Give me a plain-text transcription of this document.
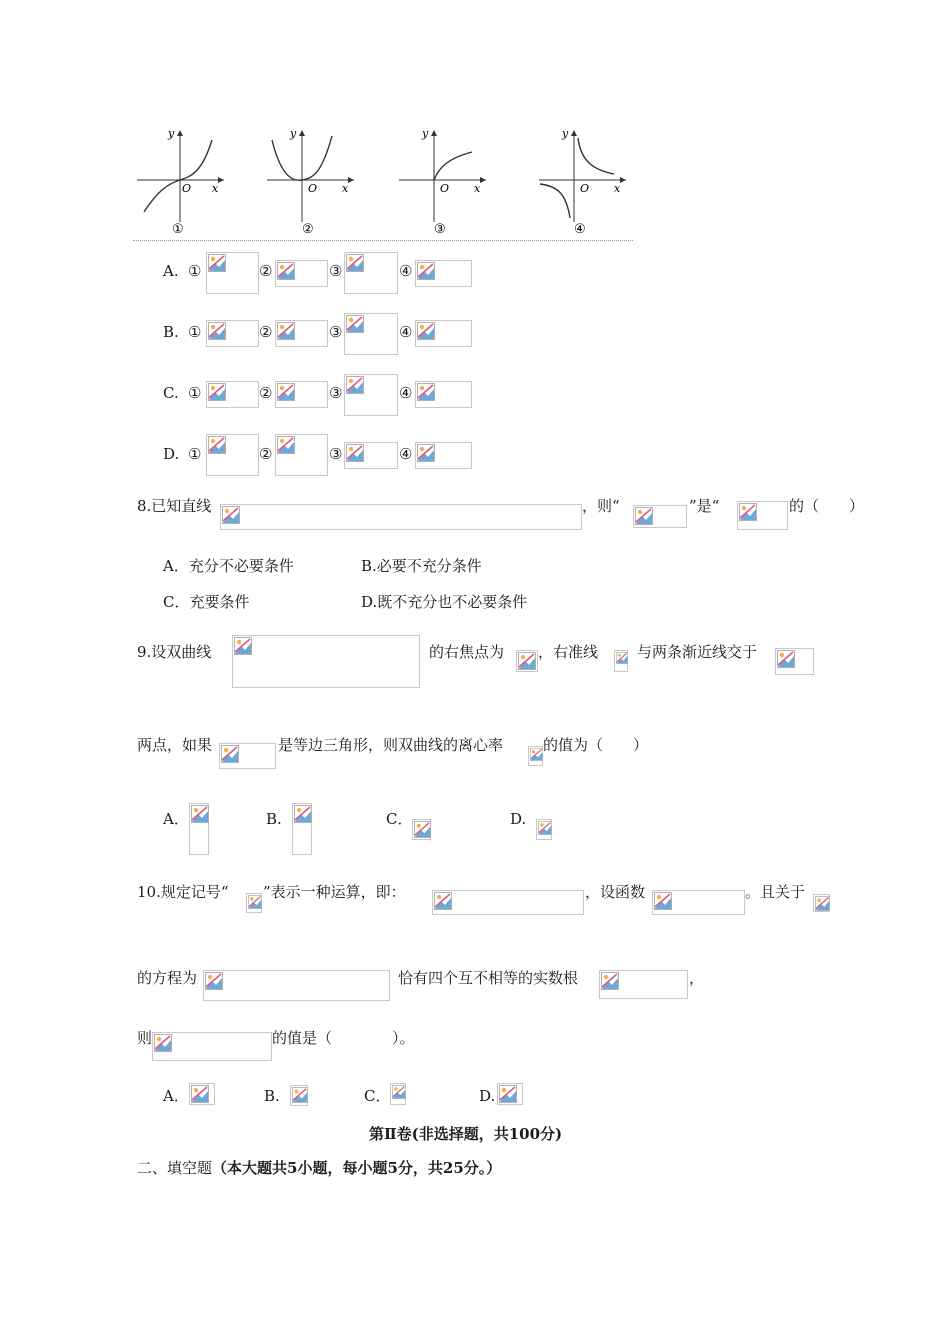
y
x
O
①
y
x
O
②
y
x
O
③
y
x
O
④
A. ①	②	③	④
B. ①	②	③	④
C. ①	②	③	④
D. ①	②	③	④
8.已知直线	，则“	”是“	的（　　）
A．充分不必要条件	B.必要不充分条件
C．充要条件	D.既不充分也不必要条件
9.设双曲线	的右焦点为 ，右准线	与两条渐近线交于
两点，如果	是等边三角形，则双曲线的离心率	的值为（　　）
A．	B.	C．	D.
10.规定记号“ ”表示一种运算，即：	，设函数	。且关于
的方程为	恰有四个互不相等的实数根	，
则	的值是（　　　　）。
A．	B.	C．	D.
第Ⅱ卷(非选择题，共100分)
二、填空题（本大题共5小题，每小题5分，共25分。）
